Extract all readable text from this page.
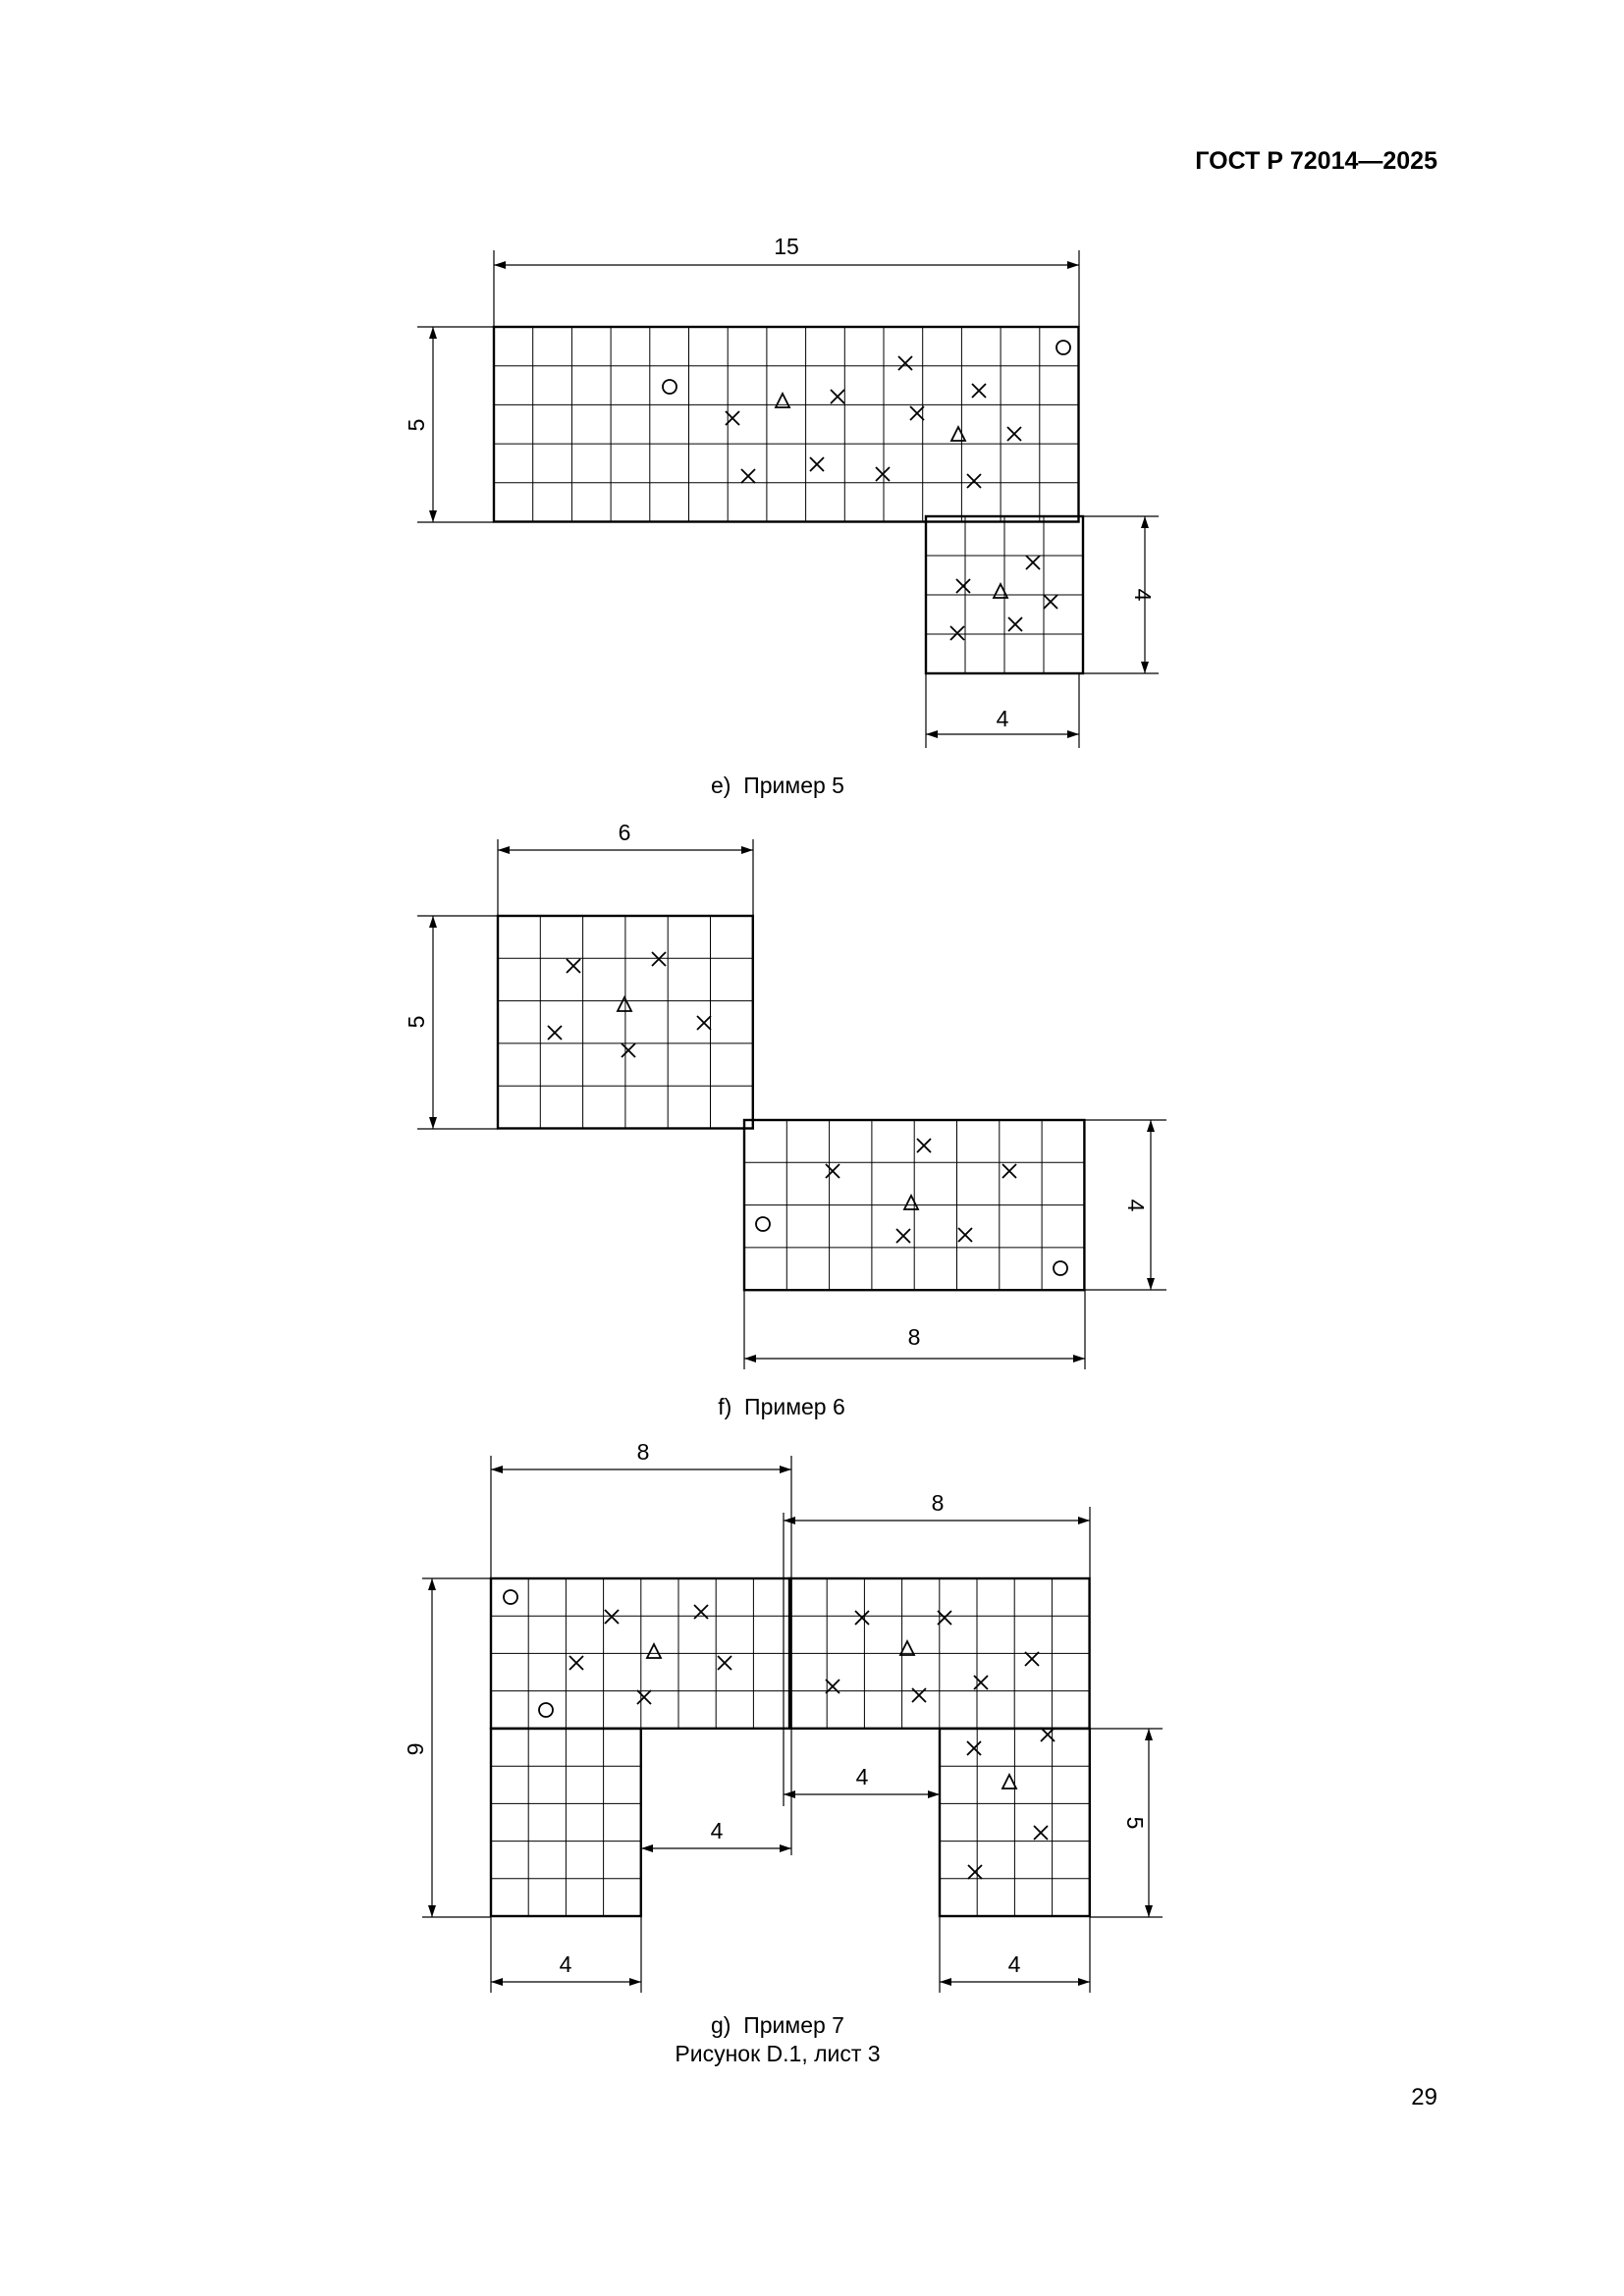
ГОСТ Р 72014—2025
15
5
4
4
е)  Пример 5
6
5
4
8
f)  Пример 6
8
8
9
4
4
5
4	4
g)  Пример 7
Рисунок D.1, лист 3
29
